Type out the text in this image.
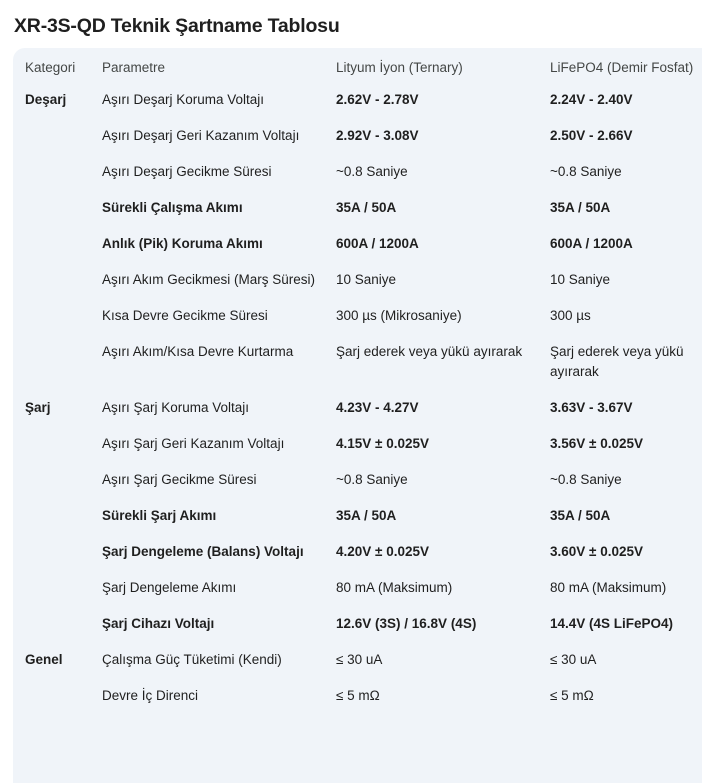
XR-3S-QD Teknik Şartname Tablosu
Kategori	Parametre	Lityum İyon (Ternary)	LiFePO4 (Demir Fosfat)
Deşarj	Aşırı Deşarj Koruma Voltajı	2.62V - 2.78V	2.24V - 2.40V
	Aşırı Deşarj Geri Kazanım Voltajı	2.92V - 3.08V	2.50V - 2.66V
	Aşırı Deşarj Gecikme Süresi	~0.8 Saniye	~0.8 Saniye
	Sürekli Çalışma Akımı	35A / 50A	35A / 50A
	Anlık (Pik) Koruma Akımı	600A / 1200A	600A / 1200A
	Aşırı Akım Gecikmesi (Marş Süresi)	10 Saniye	10 Saniye
	Kısa Devre Gecikme Süresi	300 µs (Mikrosaniye)	300 µs
	Aşırı Akım/Kısa Devre Kurtarma	Şarj ederek veya yükü ayırarak	Şarj ederek veya yükü ayırarak
Şarj	Aşırı Şarj Koruma Voltajı	4.23V - 4.27V	3.63V - 3.67V
	Aşırı Şarj Geri Kazanım Voltajı	4.15V ± 0.025V	3.56V ± 0.025V
	Aşırı Şarj Gecikme Süresi	~0.8 Saniye	~0.8 Saniye
	Sürekli Şarj Akımı	35A / 50A	35A / 50A
	Şarj Dengeleme (Balans) Voltajı	4.20V ± 0.025V	3.60V ± 0.025V
	Şarj Dengeleme Akımı	80 mA (Maksimum)	80 mA (Maksimum)
	Şarj Cihazı Voltajı	12.6V (3S) / 16.8V (4S)	14.4V (4S LiFePO4)
Genel	Çalışma Güç Tüketimi (Kendi)	≤ 30 uA	≤ 30 uA
	Devre İç Direnci	≤ 5 mΩ	≤ 5 mΩ
